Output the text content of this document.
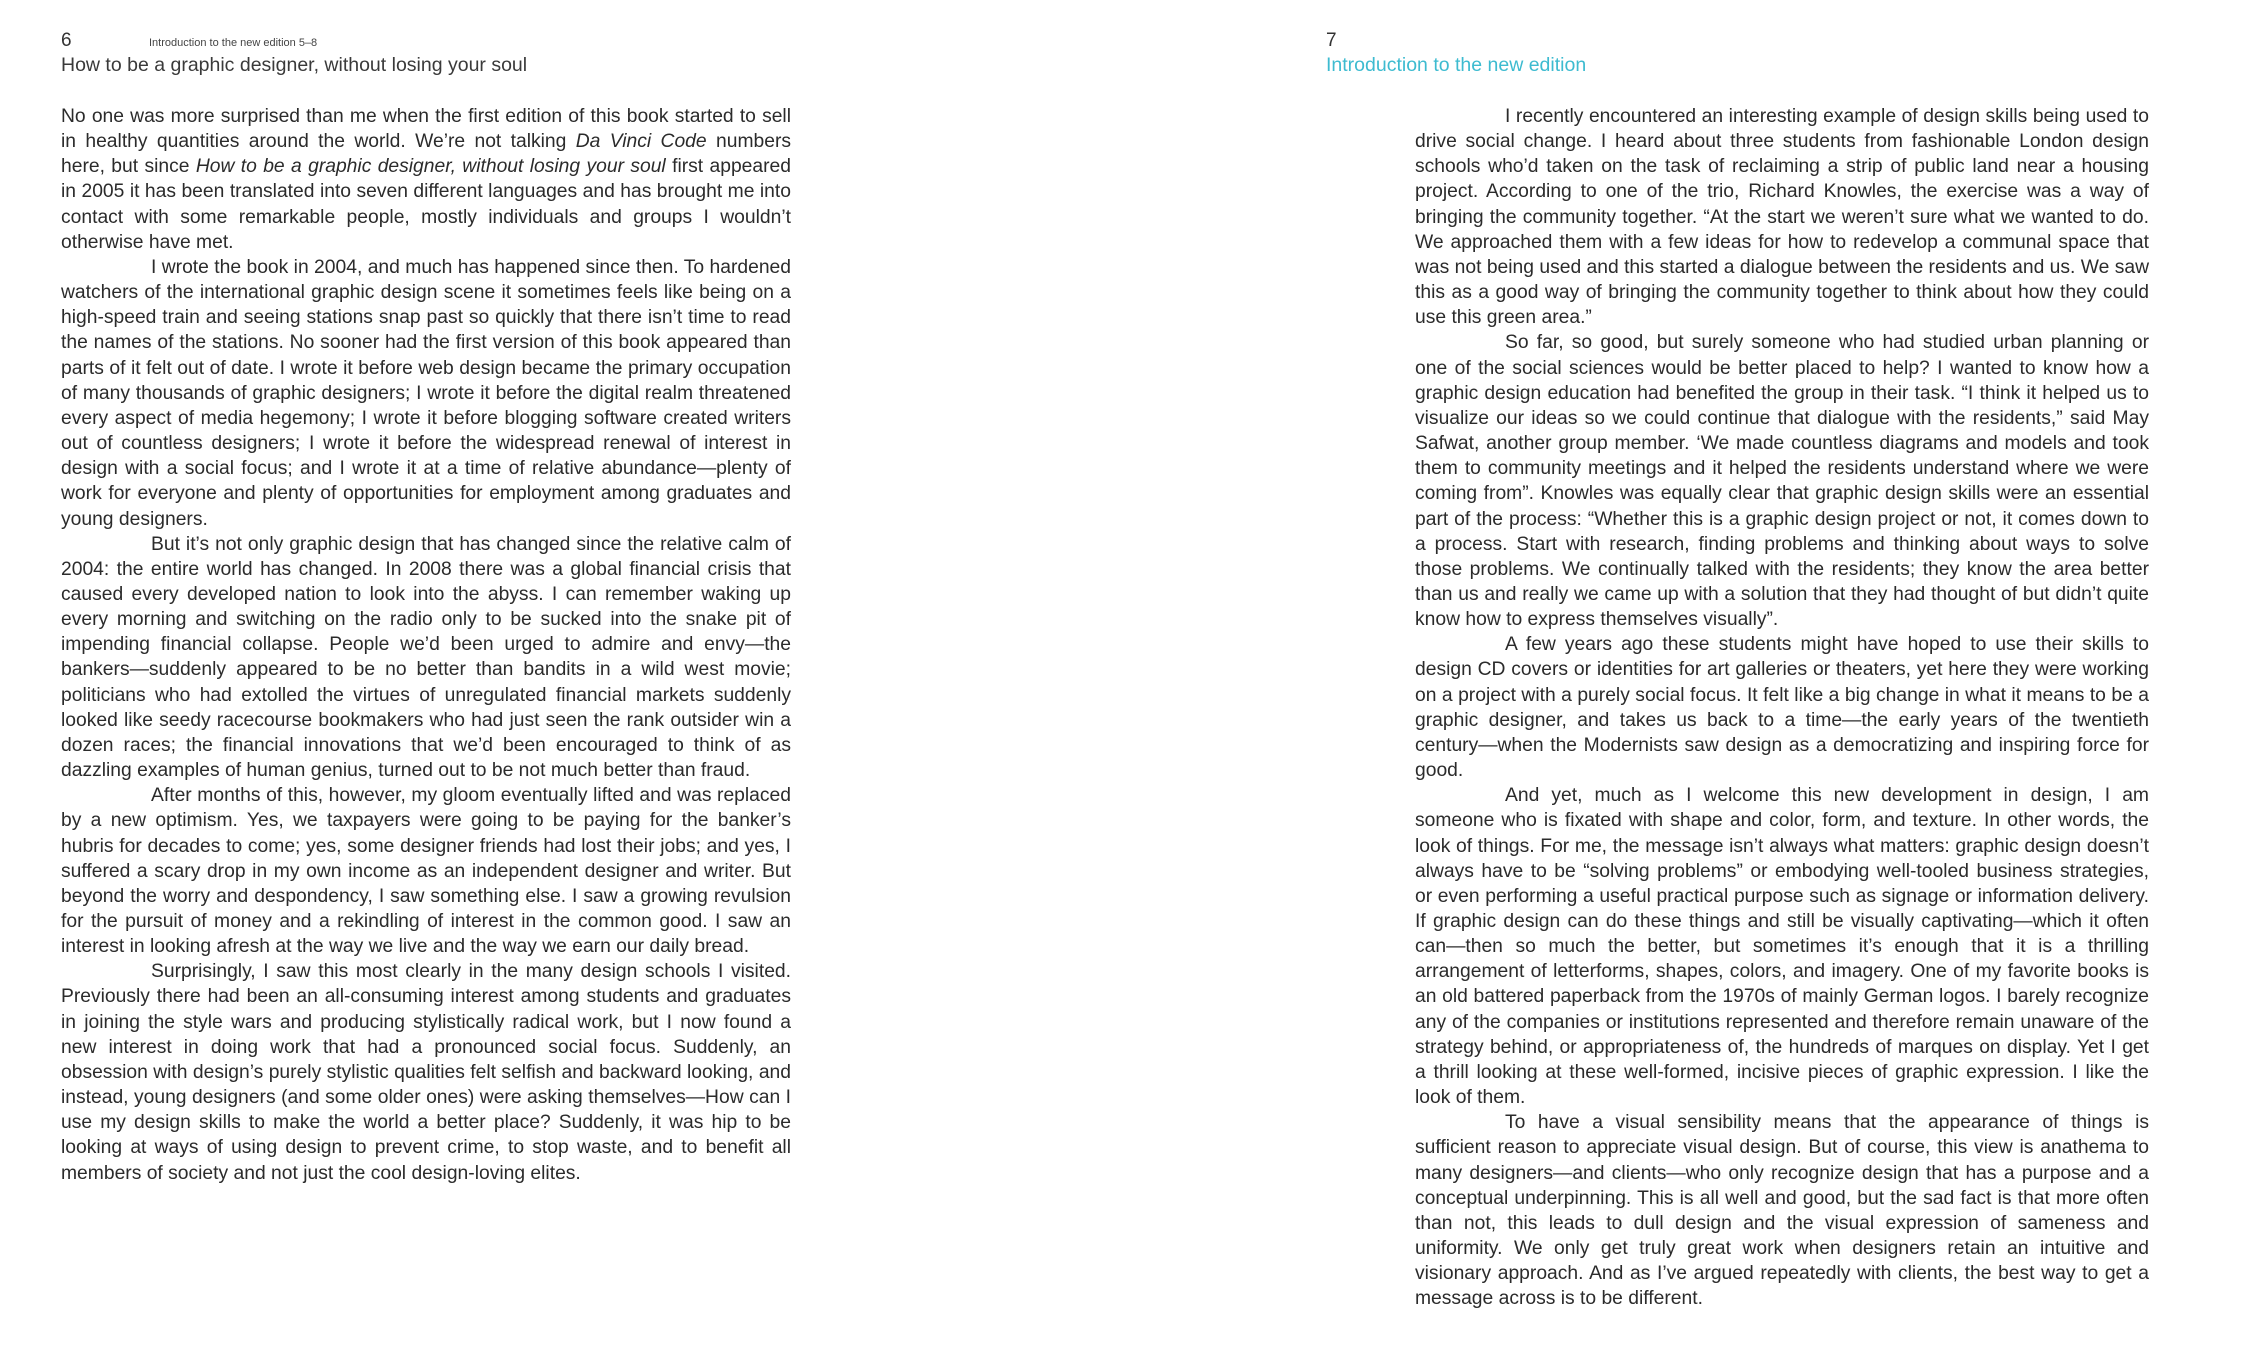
6	Introduction to the new edition 5–8
How to be a graphic designer, without losing your soul

No one was more surprised than me when the first edition of this book started to sell in healthy quantities around the world. We’re not talking Da Vinci Code numbers here, but since How to be a graphic designer, without losing your soul first appeared in 2005 it has been translated into seven different languages and has brought me into contact with some remarkable people, mostly individuals and groups I wouldn’t otherwise have met.

I wrote the book in 2004, and much has happened since then. To hardened watchers of the international graphic design scene it sometimes feels like being on a high-speed train and seeing stations snap past so quickly that there isn’t time to read the names of the stations. No sooner had the first version of this book appeared than parts of it felt out of date. I wrote it before web design became the primary occupation of many thousands of graphic designers; I wrote it before the digital realm threatened every aspect of media hegemony; I wrote it before blogging software created writers out of countless designers; I wrote it before the widespread renewal of interest in design with a social focus; and I wrote it at a time of relative abundance—plenty of work for everyone and plenty of opportunities for employment among graduates and young designers.

But it’s not only graphic design that has changed since the relative calm of 2004: the entire world has changed. In 2008 there was a global financial crisis that caused every developed nation to look into the abyss. I can remember waking up every morning and switching on the radio only to be sucked into the snake pit of impending financial collapse. People we’d been urged to admire and envy—the bankers—suddenly appeared to be no better than bandits in a wild west movie; politicians who had extolled the virtues of unregulated financial markets suddenly looked like seedy racecourse bookmakers who had just seen the rank outsider win a dozen races; the financial innovations that we’d been encouraged to think of as dazzling examples of human genius, turned out to be not much better than fraud.

After months of this, however, my gloom eventually lifted and was replaced by a new optimism. Yes, we taxpayers were going to be paying for the banker’s hubris for decades to come; yes, some designer friends had lost their jobs; and yes, I suffered a scary drop in my own income as an independent designer and writer. But beyond the worry and despondency, I saw something else. I saw a growing revulsion for the pursuit of money and a rekindling of interest in the common good. I saw an interest in looking afresh at the way we live and the way we earn our daily bread.

Surprisingly, I saw this most clearly in the many design schools I visited. Previously there had been an all-consuming interest among students and graduates in joining the style wars and producing stylistically radical work, but I now found a new interest in doing work that had a pronounced social focus. Suddenly, an obsession with design’s purely stylistic qualities felt selfish and backward looking, and instead, young designers (and some older ones) were asking themselves—How can I use my design skills to make the world a better place? Suddenly, it was hip to be looking at ways of using design to prevent crime, to stop waste, and to benefit all members of society and not just the cool design-loving elites.

7
Introduction to the new edition

I recently encountered an interesting example of design skills being used to drive social change. I heard about three students from fashionable London design schools who’d taken on the task of reclaiming a strip of public land near a housing project. According to one of the trio, Richard Knowles, the exercise was a way of bringing the community together. “At the start we weren’t sure what we wanted to do. We approached them with a few ideas for how to redevelop a communal space that was not being used and this started a dialogue between the residents and us. We saw this as a good way of bringing the community together to think about how they could use this green area.”

So far, so good, but surely someone who had studied urban planning or one of the social sciences would be better placed to help? I wanted to know how a graphic design education had benefited the group in their task. “I think it helped us to visualize our ideas so we could continue that dialogue with the residents,” said May Safwat, another group member. ‘We made countless diagrams and models and took them to community meetings and it helped the residents understand where we were coming from”. Knowles was equally clear that graphic design skills were an essential part of the process: “Whether this is a graphic design project or not, it comes down to a process. Start with research, finding problems and thinking about ways to solve those problems. We continually talked with the residents; they know the area better than us and really we came up with a solution that they had thought of but didn’t quite know how to express themselves visually”.

A few years ago these students might have hoped to use their skills to design CD covers or identities for art galleries or theaters, yet here they were working on a project with a purely social focus. It felt like a big change in what it means to be a graphic designer, and takes us back to a time—the early years of the twentieth century—when the Modernists saw design as a democratizing and inspiring force for good.

And yet, much as I welcome this new development in design, I am someone who is fixated with shape and color, form, and texture. In other words, the look of things. For me, the message isn’t always what matters: graphic design doesn’t always have to be “solving problems” or embodying well-tooled business strategies, or even performing a useful practical purpose such as signage or information delivery. If graphic design can do these things and still be visually captivating—which it often can—then so much the better, but sometimes it’s enough that it is a thrilling arrangement of letterforms, shapes, colors, and imagery. One of my favorite books is an old battered paperback from the 1970s of mainly German logos. I barely recognize any of the companies or institutions represented and therefore remain unaware of the strategy behind, or appropriateness of, the hundreds of marques on display. Yet I get a thrill looking at these well-formed, incisive pieces of graphic expression. I like the look of them.

To have a visual sensibility means that the appearance of things is sufficient reason to appreciate visual design. But of course, this view is anathema to many designers—and clients—who only recognize design that has a purpose and a conceptual underpinning. This is all well and good, but the sad fact is that more often than not, this leads to dull design and the visual expression of sameness and uniformity. We only get truly great work when designers retain an intuitive and visionary approach. And as I’ve argued repeatedly with clients, the best way to get a message across is to be different.
